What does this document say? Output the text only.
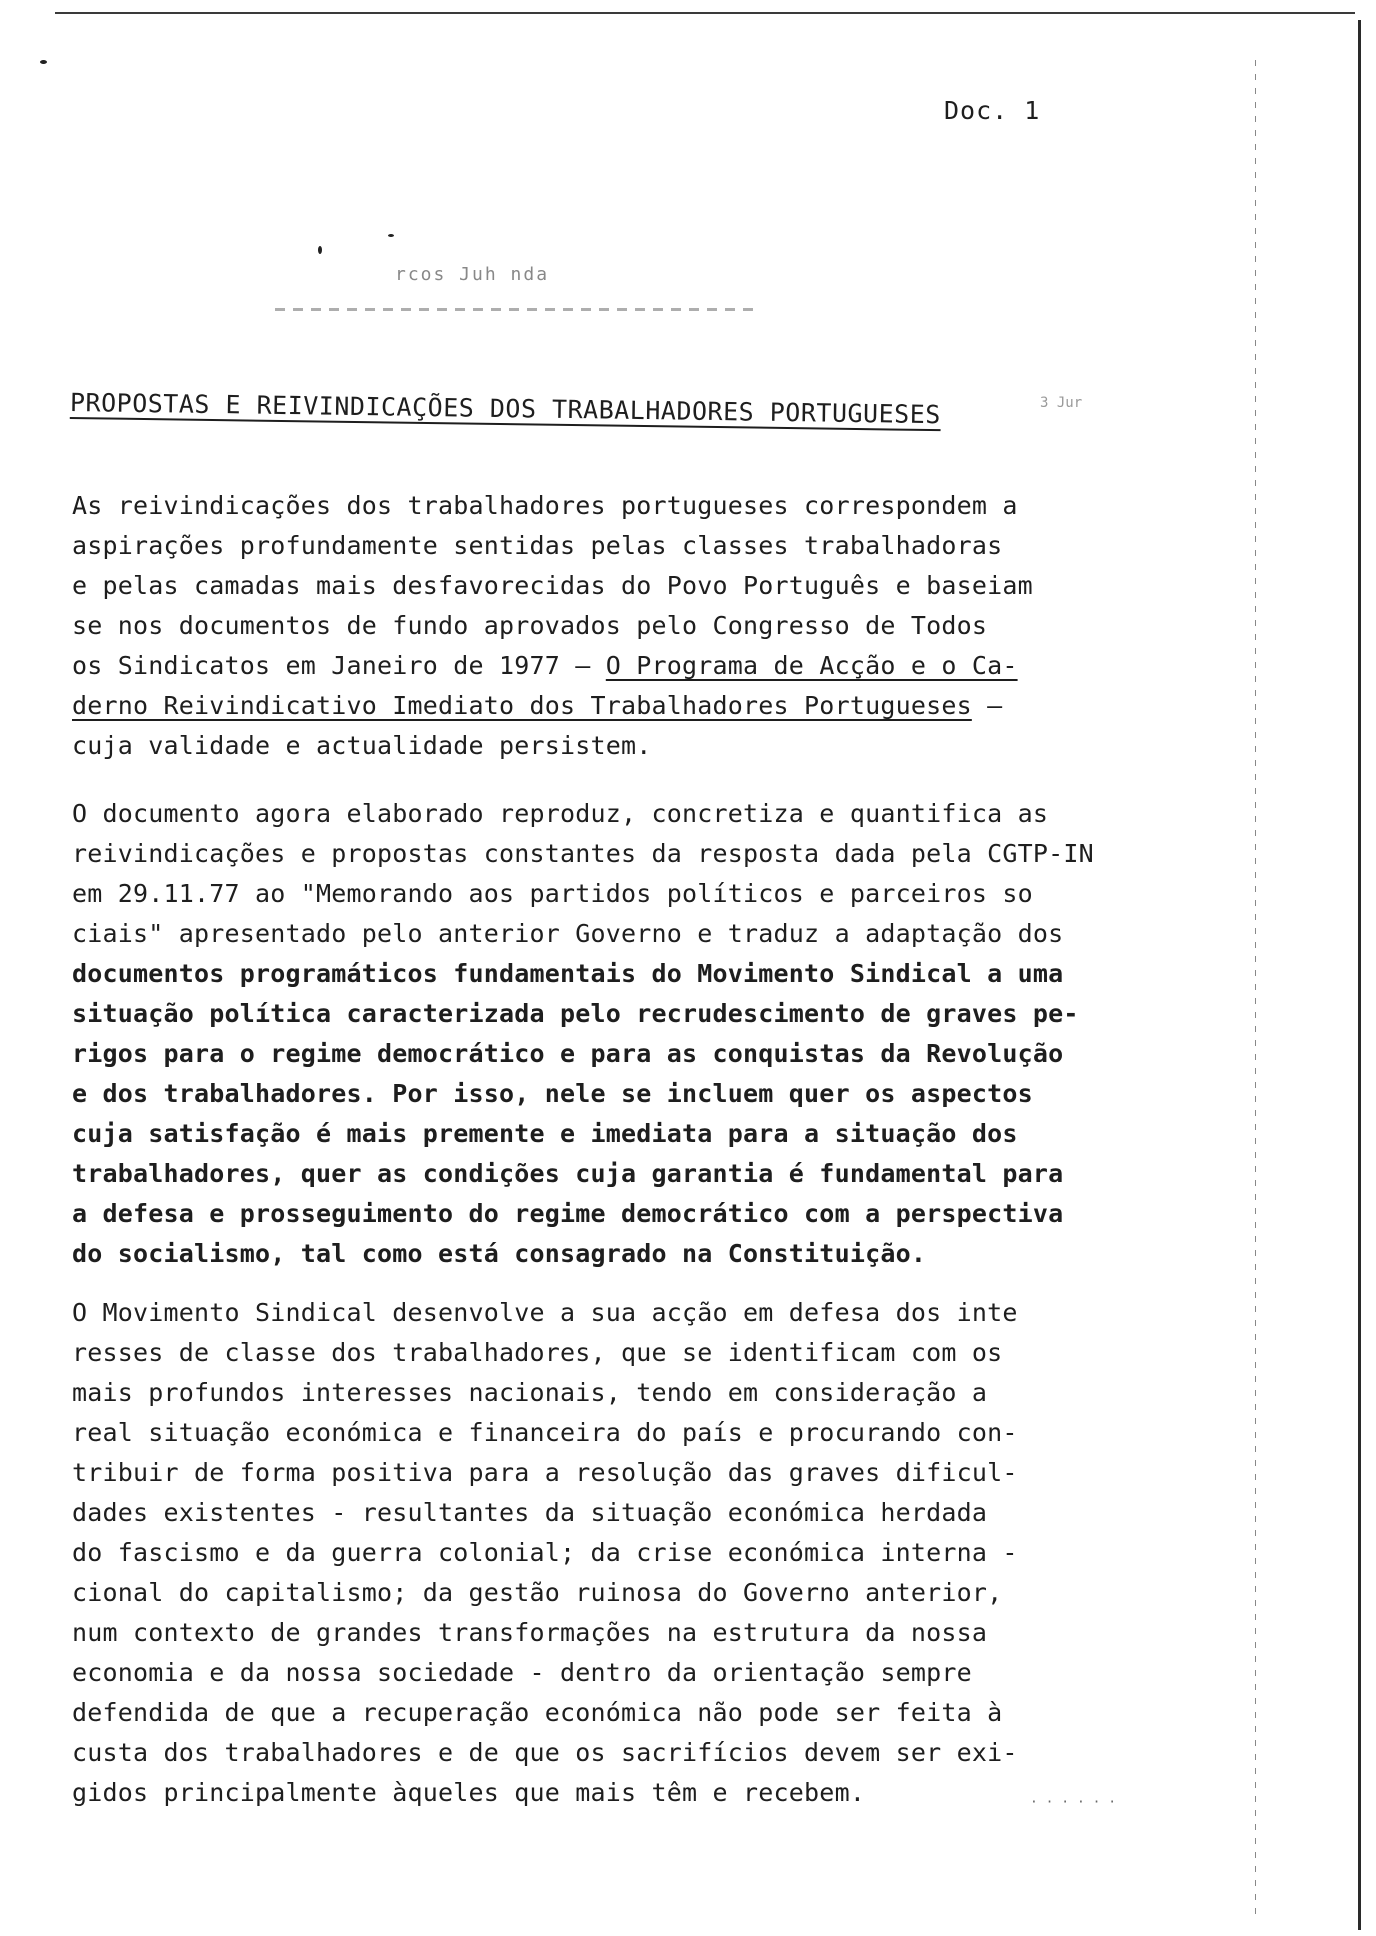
Doc. 1
rcos Juh nda
3 Jur
PROPOSTAS E REIVINDICAÇÕES DOS TRABALHADORES PORTUGUESES
As reivindicações dos trabalhadores portugueses correspondem a
aspirações profundamente sentidas pelas classes trabalhadoras
e pelas camadas mais desfavorecidas do Povo Português e baseiam
se nos documentos de fundo aprovados pelo Congresso de Todos
os Sindicatos em Janeiro de 1977 — O Programa de Acção e o Ca-
derno Reivindicativo Imediato dos Trabalhadores Portugueses —
cuja validade e actualidade persistem.
O documento agora elaborado reproduz, concretiza e quantifica as
reivindicações e propostas constantes da resposta dada pela CGTP-IN
em 29.11.77 ao "Memorando aos partidos políticos e parceiros so
ciais" apresentado pelo anterior Governo e traduz a adaptação dos
documentos programáticos fundamentais do Movimento Sindical a uma
situação política caracterizada pelo recrudescimento de graves pe-
rigos para o regime democrático e para as conquistas da Revolução
e dos trabalhadores. Por isso, nele se incluem quer os aspectos
cuja satisfação é mais premente e imediata para a situação dos
trabalhadores, quer as condições cuja garantia é fundamental para
a defesa e prosseguimento do regime democrático com a perspectiva
do socialismo, tal como está consagrado na Constituição.
O Movimento Sindical desenvolve a sua acção em defesa dos inte
resses de classe dos trabalhadores, que se identificam com os
mais profundos interesses nacionais, tendo em consideração a
real situação económica e financeira do país e procurando con-
tribuir de forma positiva para a resolução das graves dificul-
dades existentes - resultantes da situação económica herdada
do fascismo e da guerra colonial; da crise económica interna -
cional do capitalismo; da gestão ruinosa do Governo anterior,
num contexto de grandes transformações na estrutura da nossa
economia e da nossa sociedade - dentro da orientação sempre
defendida de que a recuperação económica não pode ser feita à
custa dos trabalhadores e de que os sacrifícios devem ser exi-
gidos principalmente àqueles que mais têm e recebem.	· · · · · ·
